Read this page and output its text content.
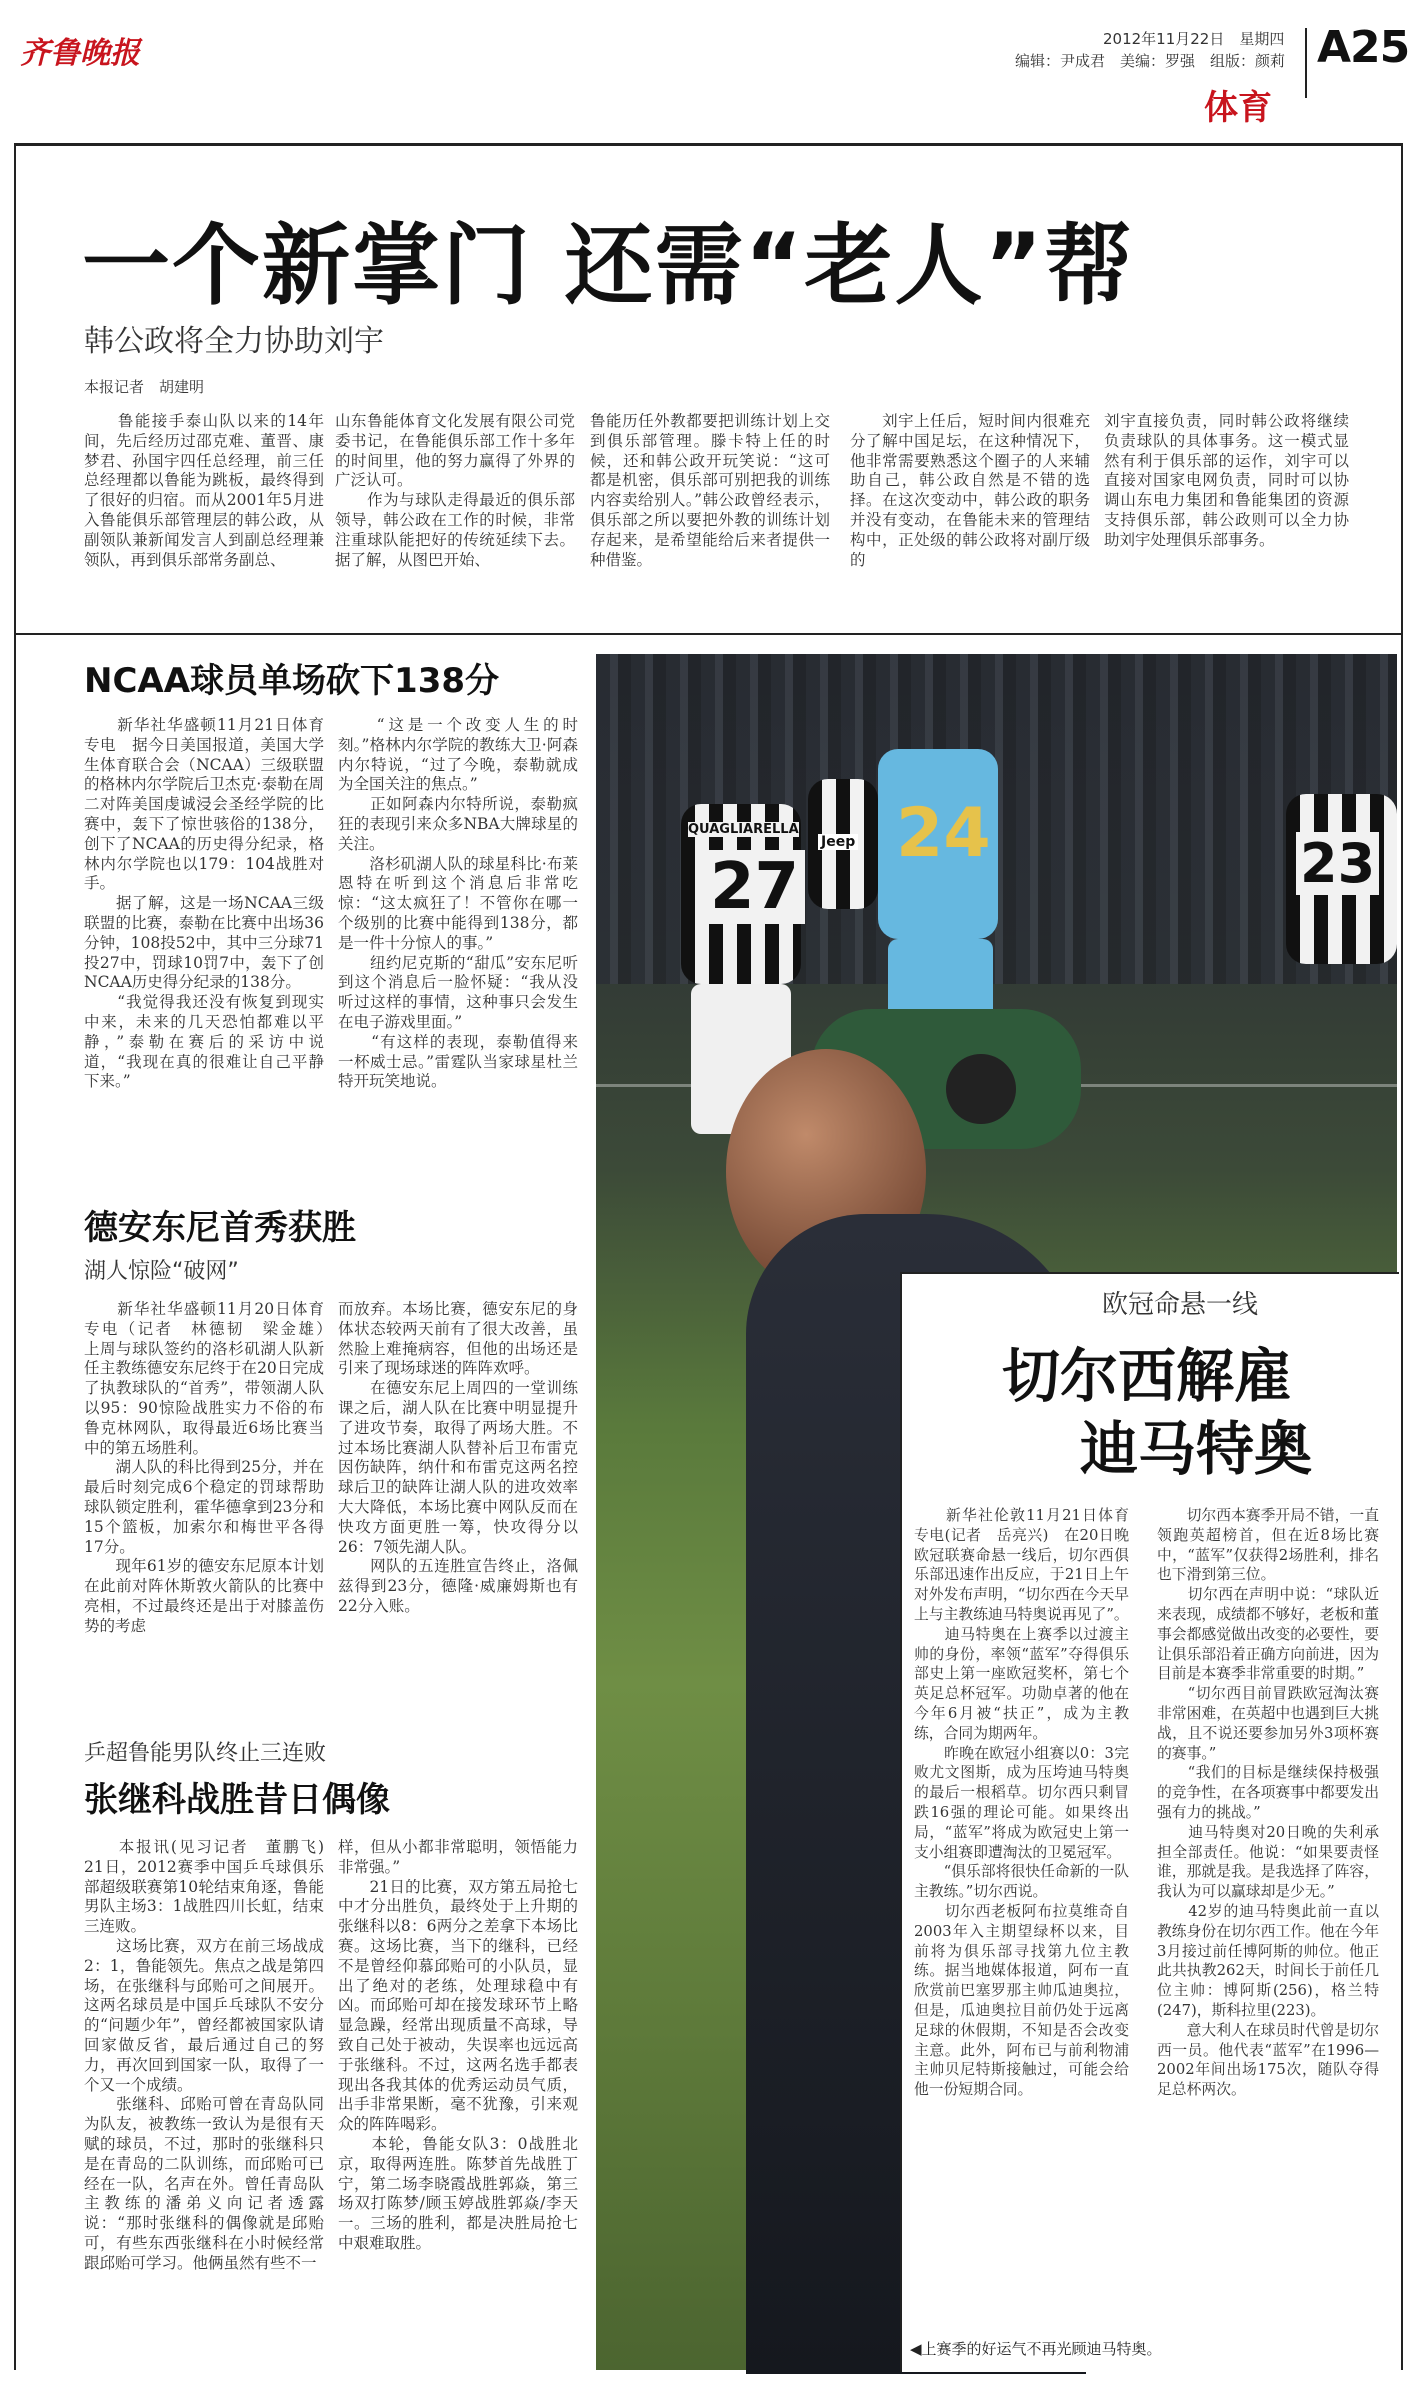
齐鲁晚报	2012年11月22日　星期四
编辑：尹成君　美编：罗强　组版：颜莉 A25
体育
一个新掌门 还需“老人”帮
韩公政将全力协助刘宇
本报记者　胡建明
　　鲁能接手泰山队以来的14年间，先后经历过邵克难、董晋、康梦君、孙国宇四任总经理，前三任总经理都以鲁能为跳板，最终得到了很好的归宿。而从2001年5月进入鲁能俱乐部管理层的韩公政，从副领队兼新闻发言人到副总经理兼领队，再到俱乐部常务副总、
山东鲁能体育文化发展有限公司党委书记，在鲁能俱乐部工作十多年的时间里，他的努力赢得了外界的广泛认可。
　　作为与球队走得最近的俱乐部领导，韩公政在工作的时候，非常注重球队能把好的传统延续下去。据了解，从图巴开始、
鲁能历任外教都要把训练计划上交到俱乐部管理。滕卡特上任的时候，还和韩公政开玩笑说：“这可都是机密，俱乐部可别把我的训练内容卖给别人。”韩公政曾经表示，俱乐部之所以要把外教的训练计划存起来，是希望能给后来者提供一种借鉴。
　　刘宇上任后，短时间内很难充分了解中国足坛，在这种情况下，他非常需要熟悉这个圈子的人来辅助自己，韩公政自然是不错的选择。在这次变动中，韩公政的职务并没有变动，在鲁能未来的管理结构中，正处级的韩公政将对副厅级的
刘宇直接负责，同时韩公政将继续负责球队的具体事务。这一模式显然有利于俱乐部的运作，刘宇可以直接对国家电网负责，同时可以协调山东电力集团和鲁能集团的资源支持俱乐部，韩公政则可以全力协助刘宇处理俱乐部事务。
NCAA球员单场砍下138分
　　新华社华盛顿11月21日体育专电　据今日美国报道，美国大学生体育联合会（NCAA）三级联盟的格林内尔学院后卫杰克·泰勒在周二对阵美国虔诚浸会圣经学院的比赛中，轰下了惊世骇俗的138分，创下了NCAA的历史得分纪录，格林内尔学院也以179：104战胜对手。
　　据了解，这是一场NCAA三级联盟的比赛，泰勒在比赛中出场36分钟，108投52中，其中三分球71投27中，罚球10罚7中，轰下了创NCAA历史得分纪录的138分。
　　“我觉得我还没有恢复到现实中来，未来的几天恐怕都难以平静，”泰勒在赛后的采访中说道，“我现在真的很难让自己平静下来。”
　　“这是一个改变人生的时刻。”格林内尔学院的教练大卫·阿森内尔特说，“过了今晚，泰勒就成为全国关注的焦点。”
　　正如阿森内尔特所说，泰勒疯狂的表现引来众多NBA大牌球星的关注。
　　洛杉矶湖人队的球星科比·布莱恩特在听到这个消息后非常吃惊：“这太疯狂了！不管你在哪一个级别的比赛中能得到138分，都是一件十分惊人的事。”
　　纽约尼克斯的“甜瓜”安东尼听到这个消息后一脸怀疑：“我从没听过这样的事情，这种事只会发生在电子游戏里面。”
　　“有这样的表现，泰勒值得来一杯威士忌。”雷霆队当家球星杜兰特开玩笑地说。
德安东尼首秀获胜
湖人惊险“破网”
　　新华社华盛顿11月20日体育专电（记者　林德韧　梁金雄）　上周与球队签约的洛杉矶湖人队新任主教练德安东尼终于在20日完成了执教球队的“首秀”，带领湖人队以95：90惊险战胜实力不俗的布鲁克林网队，取得最近6场比赛当中的第五场胜利。
　　湖人队的科比得到25分，并在最后时刻完成6个稳定的罚球帮助球队锁定胜利，霍华德拿到23分和15个篮板，加索尔和梅世平各得17分。
　　现年61岁的德安东尼原本计划在此前对阵休斯敦火箭队的比赛中亮相，不过最终还是出于对膝盖伤势的考虑
而放弃。本场比赛，德安东尼的身体状态较两天前有了很大改善，虽然脸上难掩病容，但他的出场还是引来了现场球迷的阵阵欢呼。
　　在德安东尼上周四的一堂训练课之后，湖人队在比赛中明显提升了进攻节奏，取得了两场大胜。不过本场比赛湖人队替补后卫布雷克因伤缺阵，纳什和布雷克这两名控球后卫的缺阵让湖人队的进攻效率大大降低，本场比赛中网队反而在快攻方面更胜一筹，快攻得分以26：7领先湖人队。
　　网队的五连胜宣告终止，洛佩兹得到23分，德隆·威廉姆斯也有22分入账。
乒超鲁能男队终止三连败
张继科战胜昔日偶像
　　本报讯(见习记者　董鹏飞)　21日，2012赛季中国乒乓球俱乐部超级联赛第10轮结束角逐，鲁能男队主场3：1战胜四川长虹，结束三连败。
　　这场比赛，双方在前三场战成2：1，鲁能领先。焦点之战是第四场，在张继科与邱贻可之间展开。这两名球员是中国乒乓球队不安分的“问题少年”，曾经都被国家队请回家做反省，最后通过自己的努力，再次回到国家一队，取得了一个又一个成绩。
　　张继科、邱贻可曾在青岛队同为队友，被教练一致认为是很有天赋的球员，不过，那时的张继科只是在青岛的二队训练，而邱贻可已经在一队，名声在外。曾任青岛队主教练的潘弟义向记者透露说：“那时张继科的偶像就是邱贻可，有些东西张继科在小时候经常跟邱贻可学习。他俩虽然有些不一
样，但从小都非常聪明，领悟能力非常强。”
　　21日的比赛，双方第五局抢七中才分出胜负，最终处于上升期的张继科以8：6两分之差拿下本场比赛。这场比赛，当下的继科，已经不是曾经仰慕邱贻可的小队员，显出了绝对的老练，处理球稳中有凶。而邱贻可却在接发球环节上略显急躁，经常出现质量不高球，导致自己处于被动，失误率也远远高于张继科。不过，这两名选手都表现出各我其体的优秀运动员气质，出手非常果断，毫不犹豫，引来观众的阵阵喝彩。
　　本轮，鲁能女队3：0战胜北京，取得两连胜。陈梦首先战胜丁宁，第二场李晓霞战胜郭焱，第三场双打陈梦/顾玉婷战胜郭焱/李天一。三场的胜利，都是决胜局抢七中艰难取胜。
27
QUAGLIARELLA 24
Jeep	23
欧冠命悬一线
切尔西解雇
迪马特奥
　　新华社伦敦11月21日体育专电(记者　岳亮兴)　在20日晚欧冠联赛命悬一线后，切尔西俱乐部迅速作出反应，于21日上午对外发布声明，“切尔西在今天早上与主教练迪马特奥说再见了”。
　　迪马特奥在上赛季以过渡主帅的身份，率领“蓝军”夺得俱乐部史上第一座欧冠奖杯，第七个英足总杯冠军。功勋卓著的他在今年6月被“扶正”，成为主教练，合同为期两年。
　　昨晚在欧冠小组赛以0：3完败尤文图斯，成为压垮迪马特奥的最后一根稻草。切尔西只剩冒跌16强的理论可能。如果终出局，“蓝军”将成为欧冠史上第一支小组赛即遭淘汰的卫冕冠军。
　　“俱乐部将很快任命新的一队主教练。”切尔西说。
　　切尔西老板阿布拉莫维奇自2003年入主期望绿杯以来，目前将为俱乐部寻找第九位主教练。据当地媒体报道，阿布一直欣赏前巴塞罗那主帅瓜迪奥拉，但是，瓜迪奥拉目前仍处于远离足球的休假期，不知是否会改变主意。此外，阿布已与前利物浦主帅贝尼特斯接触过，可能会给他一份短期合同。
　　切尔西本赛季开局不错，一直领跑英超榜首，但在近8场比赛中，“蓝军”仅获得2场胜利，排名也下滑到第三位。
　　切尔西在声明中说：“球队近来表现，成绩都不够好，老板和董事会都感觉做出改变的必要性，要让俱乐部沿着正确方向前进，因为目前是本赛季非常重要的时期。”
　　“切尔西目前冒跌欧冠淘汰赛非常困难，在英超中也遇到巨大挑战，且不说还要参加另外3项杯赛的赛事。”
　　“我们的目标是继续保持极强的竞争性，在各项赛事中都要发出强有力的挑战。”
　　迪马特奥对20日晚的失利承担全部责任。他说：“如果要责怪谁，那就是我。是我选择了阵容，我认为可以赢球却是少无。”
　　42岁的迪马特奥此前一直以教练身份在切尔西工作。他在今年3月接过前任博阿斯的帅位。他正此共执教262天，时间长于前任几位主帅：博阿斯(256)，格兰特(247)，斯科拉里(223)。
　　意大利人在球员时代曾是切尔西一员。他代表“蓝军”在1996—2002年间出场175次，随队夺得足总杯两次。
◀上赛季的好运气不再光顾迪马特奥。
